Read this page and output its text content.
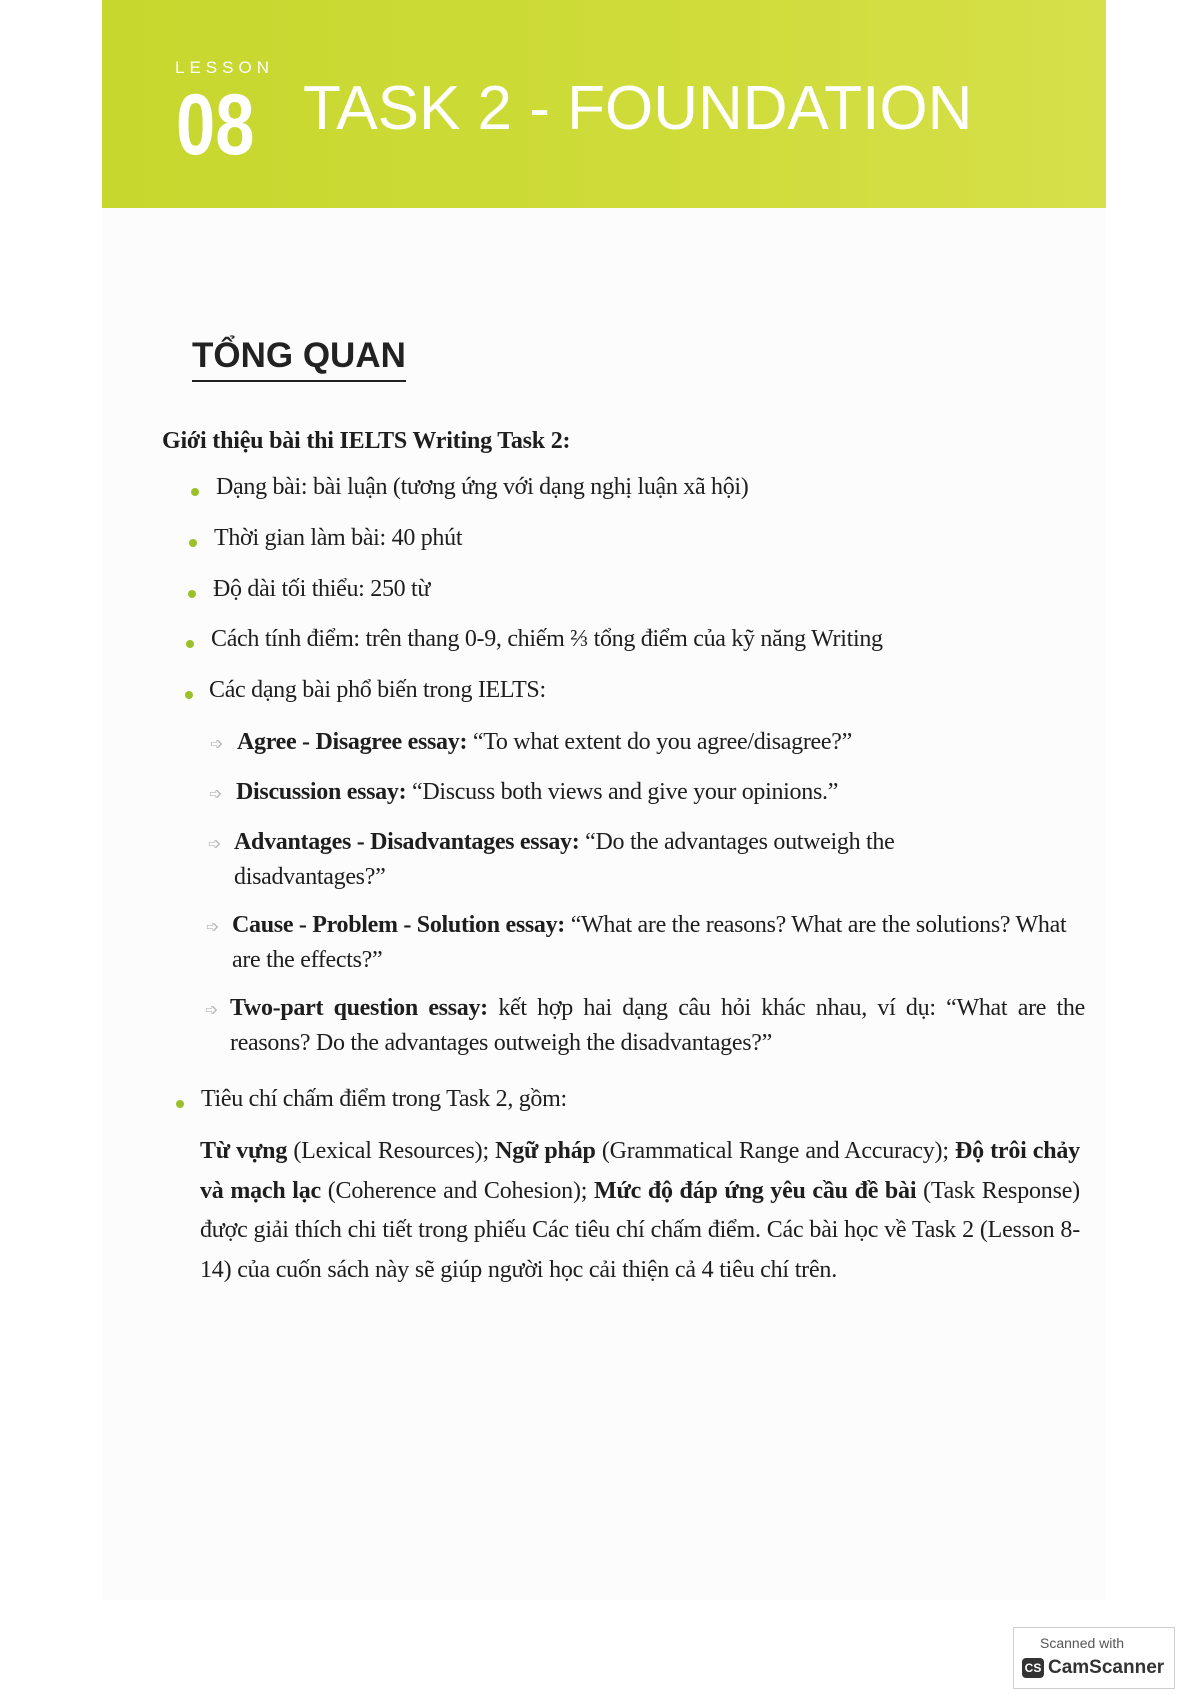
LESSON
08 TASK 2 - FOUNDATION
TỔNG QUAN
Giới thiệu bài thi IELTS Writing Task 2:
Dạng bài: bài luận (tương ứng với dạng nghị luận xã hội)
Thời gian làm bài: 40 phút
Độ dài tối thiểu: 250 từ
Cách tính điểm: trên thang 0-9, chiếm ⅔ tổng điểm của kỹ năng Writing
Các dạng bài phổ biến trong IELTS:
➩ Agree - Disagree essay: “To what extent do you agree/disagree?”
➩ Discussion essay: “Discuss both views and give your opinions.”
➩ Advantages - Disadvantages essay: “Do the advantages outweigh the disadvantages?”
➩ Cause - Problem - Solution essay: “What are the reasons? What are the solutions? What are the effects?”
➩ Two-part question essay: kết hợp hai dạng câu hỏi khác nhau, ví dụ: “What are the reasons? Do the advantages outweigh the disadvantages?”
Tiêu chí chấm điểm trong Task 2, gồm:
Từ vựng (Lexical Resources); Ngữ pháp (Grammatical Range and Accuracy); Độ trôi chảy và mạch lạc (Coherence and Cohesion); Mức độ đáp ứng yêu cầu đề bài (Task Response) được giải thích chi tiết trong phiếu Các tiêu chí chấm điểm. Các bài học về Task 2 (Lesson 8-14) của cuốn sách này sẽ giúp người học cải thiện cả 4 tiêu chí trên.
Scanned with
CS CamScanner
